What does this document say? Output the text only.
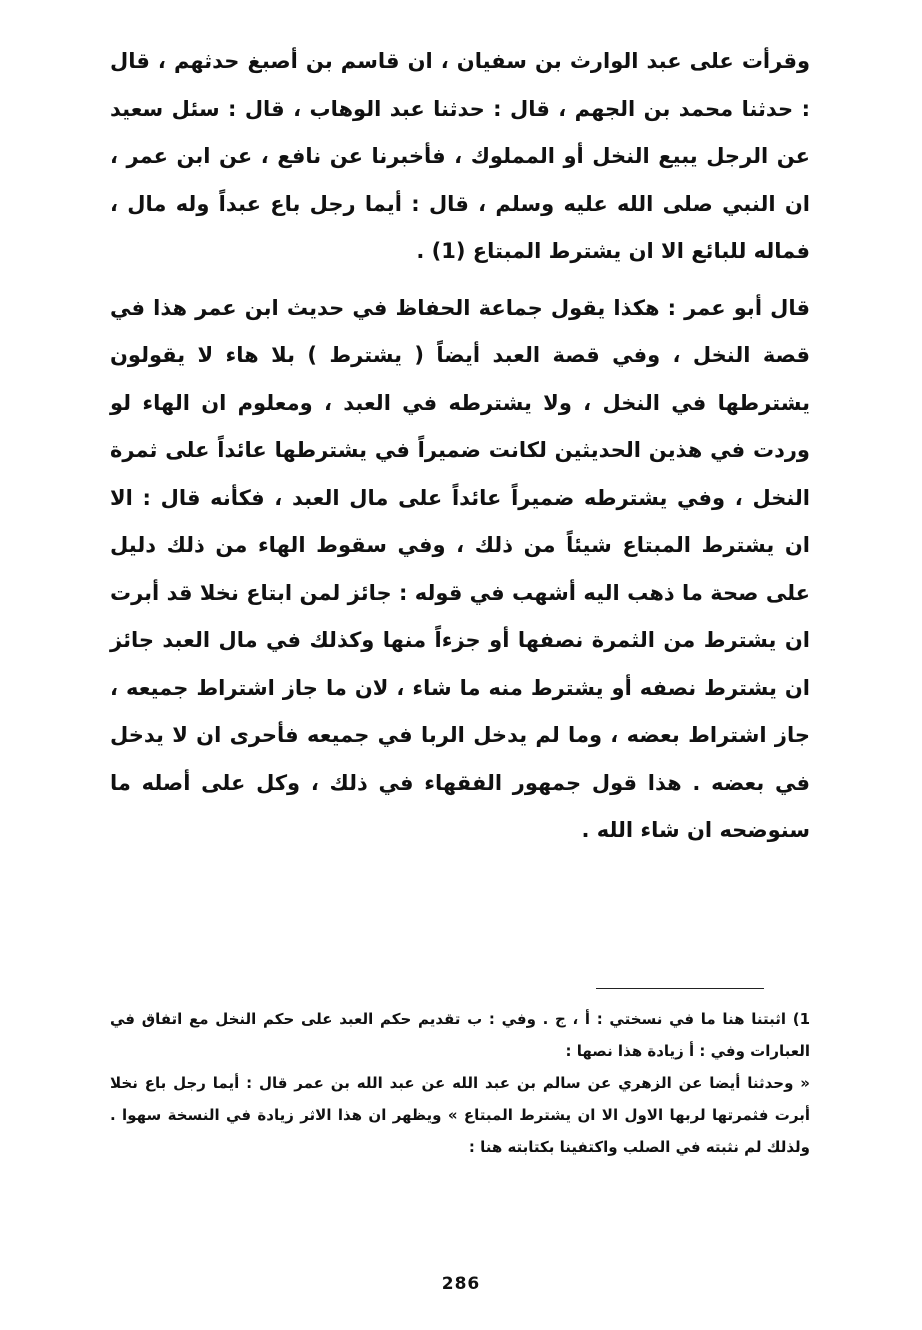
وقرأت على عبد الوارث بن سفيان ، ان قاسم بن أصبغ حدثهم ، قال : حدثنا محمد بن الجهم ، قال : حدثنا عبد الوهاب ، قال : سئل سعيد عن الرجل يبيع النخل أو المملوك ، فأخبرنا عن نافع ، عن ابن عمر ، ان النبي صلى الله عليه وسلم ، قال : أيما رجل باع عبداً وله مال ، فماله للبائع الا ان يشترط المبتاع (1) .

قال أبو عمر : هكذا يقول جماعة الحفاظ في حديث ابن عمر هذا في قصة النخل ، وفي قصة العبد أيضاً ( يشترط ) بلا هاء لا يقولون يشترطها في النخل ، ولا يشترطه في العبد ، ومعلوم ان الهاء لو وردت في هذين الحديثين لكانت ضميراً في يشترطها عائداً على ثمرة النخل ، وفي يشترطه ضميراً عائداً على مال العبد ، فكأنه قال : الا ان يشترط المبتاع شيئاً من ذلك ، وفي سقوط الهاء من ذلك دليل على صحة ما ذهب اليه أشهب في قوله : جائز لمن ابتاع نخلا قد أبرت ان يشترط من الثمرة نصفها أو جزءاً منها وكذلك في مال العبد جائز ان يشترط نصفه أو يشترط منه ما شاء ، لان ما جاز اشتراط جميعه ، جاز اشتراط بعضه ، وما لم يدخل الربا في جميعه فأحرى ان لا يدخل في بعضه . هذا قول جمهور الفقهاء في ذلك ، وكل على أصله ما سنوضحه ان شاء الله .

1) اثبتنا هنا ما في نسختي : أ ، ج . وفي : ب تقديم حكم العبد على حكم النخل مع اتفاق في العبارات وفي : أ زيادة هذا نصها :

« وحدثنا أيضا عن الزهري عن سالم بن عبد الله عن عبد الله بن عمر قال : أيما رجل باع نخلا أبرت فثمرتها لربها الاول الا ان يشترط المبتاع » ويظهر ان هذا الاثر زيادة في النسخة سهوا . ولذلك لم نثبته في الصلب واكتفينا بكتابته هنا :

286
